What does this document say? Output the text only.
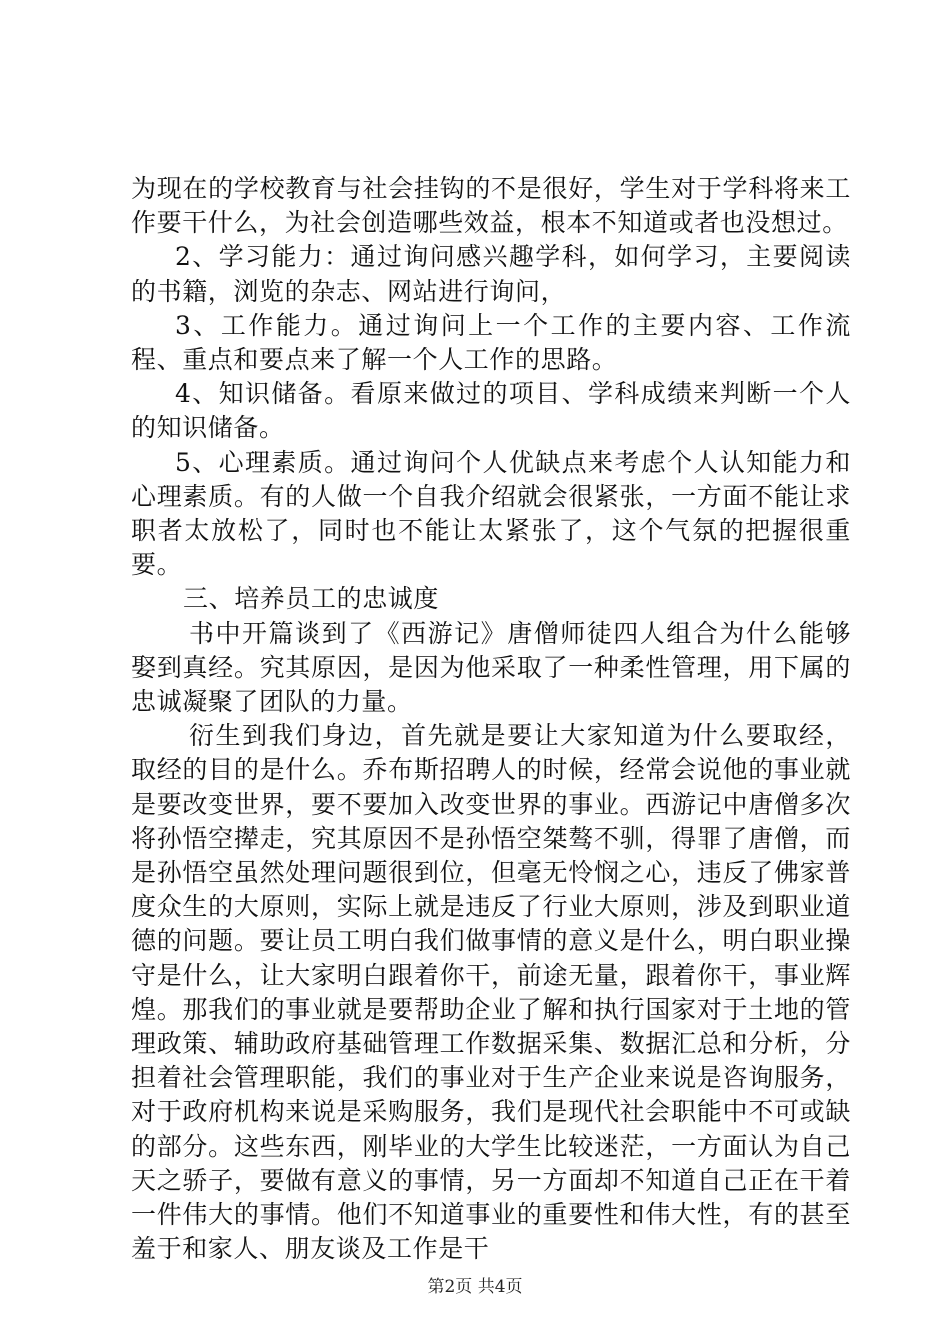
为现在的学校教育与社会挂钩的不是很好，学生对于学科将来工作要干什么，为社会创造哪些效益，根本不知道或者也没想过。

2、学习能力：通过询问感兴趣学科，如何学习，主要阅读的书籍，浏览的杂志、网站进行询问，

3、工作能力。通过询问上一个工作的主要内容、工作流程、重点和要点来了解一个人工作的思路。

4、知识储备。看原来做过的项目、学科成绩来判断一个人的知识储备。

5、心理素质。通过询问个人优缺点来考虑个人认知能力和心理素质。有的人做一个自我介绍就会很紧张，一方面不能让求职者太放松了，同时也不能让太紧张了，这个气氛的把握很重要。

三、培养员工的忠诚度

书中开篇谈到了《西游记》唐僧师徒四人组合为什么能够娶到真经。究其原因，是因为他采取了一种柔性管理，用下属的忠诚凝聚了团队的力量。

衍生到我们身边，首先就是要让大家知道为什么要取经，取经的目的是什么。乔布斯招聘人的时候，经常会说他的事业就是要改变世界，要不要加入改变世界的事业。西游记中唐僧多次将孙悟空撵走，究其原因不是孙悟空桀骜不驯，得罪了唐僧，而是孙悟空虽然处理问题很到位，但毫无怜悯之心，违反了佛家普度众生的大原则，实际上就是违反了行业大原则，涉及到职业道德的问题。要让员工明白我们做事情的意义是什么，明白职业操守是什么，让大家明白跟着你干，前途无量，跟着你干，事业辉煌。那我们的事业就是要帮助企业了解和执行国家对于土地的管理政策、辅助政府基础管理工作数据采集、数据汇总和分析，分担着社会管理职能，我们的事业对于生产企业来说是咨询服务，对于政府机构来说是采购服务，我们是现代社会职能中不可或缺的部分。这些东西，刚毕业的大学生比较迷茫，一方面认为自己天之骄子，要做有意义的事情，另一方面却不知道自己正在干着一件伟大的事情。他们不知道事业的重要性和伟大性，有的甚至羞于和家人、朋友谈及工作是干

第2页 共4页
